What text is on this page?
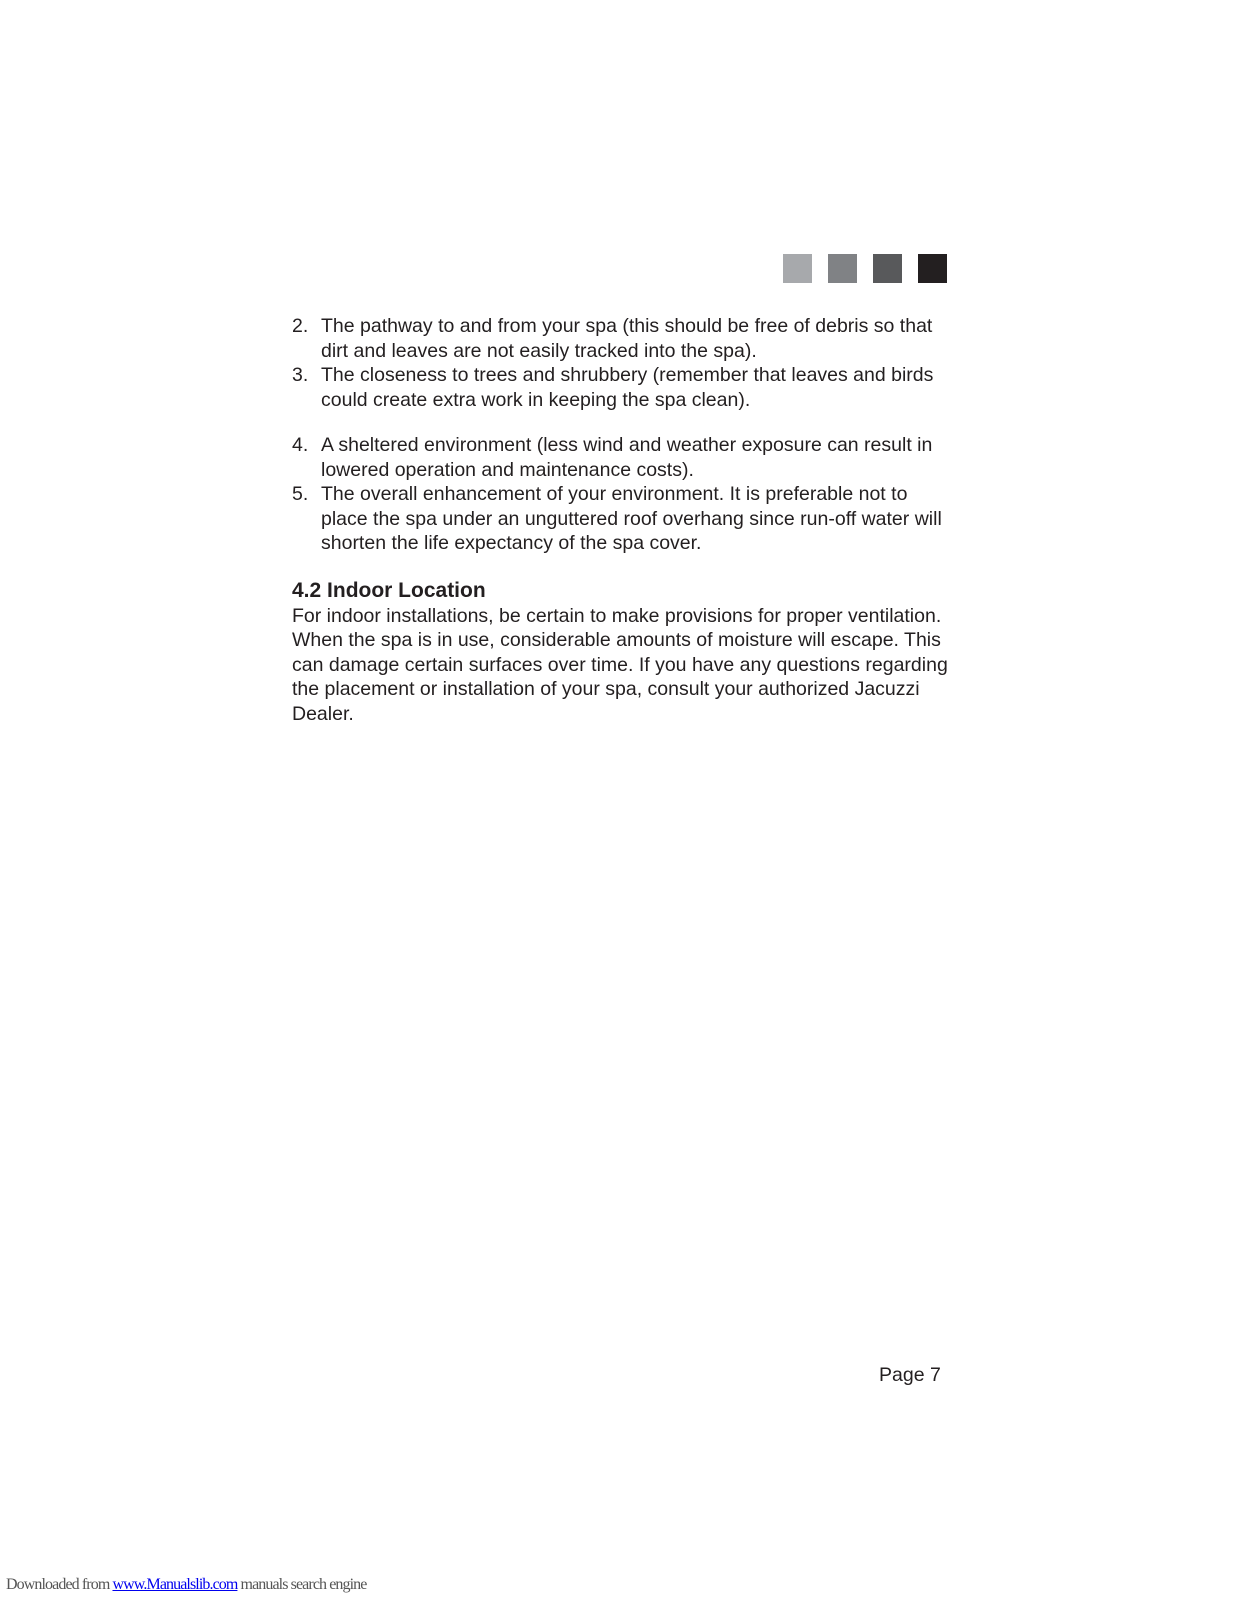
2. The pathway to and from your spa (this should be free of debris so that dirt and leaves are not easily tracked into the spa).
3. The closeness to trees and shrubbery (remember that leaves and birds could create extra work in keeping the spa clean).
4. A sheltered environment (less wind and weather exposure can result in lowered operation and maintenance costs).
5. The overall enhancement of your environment. It is preferable not to place the spa under an unguttered roof overhang since run-off water will shorten the life expectancy of the spa cover.
4.2 Indoor Location

For indoor installations, be certain to make provisions for proper ventilation. When the spa is in use, considerable amounts of moisture will escape. This can damage certain surfaces over time. If you have any questions regarding the placement or installation of your spa, consult your authorized Jacuzzi Dealer.

Page 7
Downloaded from www.Manualslib.com manuals search engine
